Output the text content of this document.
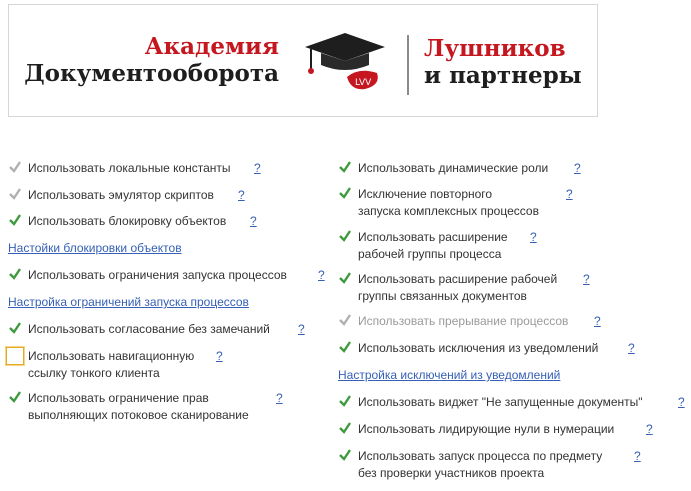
Академия
Документооборота	LVV
Лушников
и партнеры
Использовать локальные константы ?
Использовать эмулятор скриптов ?
Использовать блокировку объектов ?
Настойки блокировки объектов
Использовать ограничения запуска процессов	?
Настройка ограничений запуска процессов
Использовать согласование без замечаний ?
Использовать навигационную
ссылку тонкого клиента
?
Использовать ограничение прав
выполняющих потоковое сканирование
?
Использовать динамические роли ?
Исключение повторного
запуска комплексных процессов
?
Использовать расширение
рабочей группы процесса
?
Использовать расширение рабочей
группы связанных документов
?
Использовать прерывание процессов ?
Использовать исключения из уведомлений ?
Настройка исключений из уведомлений
Использовать виджет "Не запущенные документы"	?
Использовать лидирующие нули в нумерации	?
Использовать запуск процесса по предмету
без проверки участников проекта
?
